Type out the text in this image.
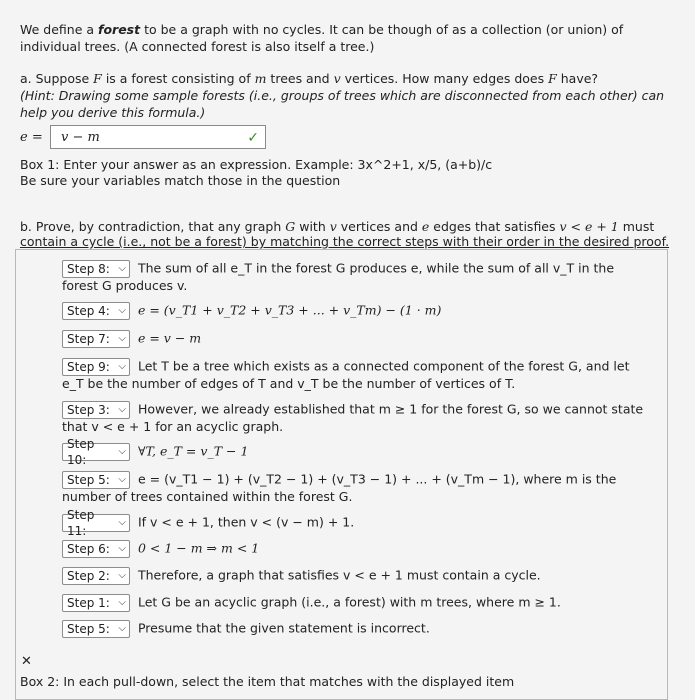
We define a forest to be a graph with no cycles. It can be though of as a collection (or union) of individual trees. (A connected forest is also itself a tree.)
a. Suppose F is a forest consisting of m trees and v vertices. How many edges does F have?
(Hint: Drawing some sample forests (i.e., groups of trees which are disconnected from each other) can help you derive this formula.)
e =	v − m	✓
Box 1: Enter your answer as an expression. Example: 3x^2+1, x/5, (a+b)/c
Be sure your variables match those in the question
b. Prove, by contradiction, that any graph G with v vertices and e edges that satisfies v < e + 1 must
contain a cycle (i.e., not be a forest) by matching the correct steps with their order in the desired proof.
Step 8: ⌵ The sum of all e_T in the forest G produces e, while the sum of all v_T in the forest G produces v.
Step 4: ⌵ e = (v_T1 + v_T2 + v_T3 + ... + v_Tm) − (1 · m)
Step 7: ⌵ e = v − m
Step 9: ⌵ Let T be a tree which exists as a connected component of the forest G, and let e_T be the number of edges of T and v_T be the number of vertices of T.
Step 3: ⌵ However, we already established that m ≥ 1 for the forest G, so we cannot state that v < e + 1 for an acyclic graph.
Step 10:
⌵ ∀T, e_T = v_T − 1
Step 5: ⌵ e = (v_T1 − 1) + (v_T2 − 1) + (v_T3 − 1) + ... + (v_Tm − 1), where m is the number of trees contained within the forest G.
Step 11:
⌵ If v < e + 1, then v < (v − m) + 1.
Step 6: ⌵ 0 < 1 − m ⇒ m < 1
Step 2: ⌵ Therefore, a graph that satisfies v < e + 1 must contain a cycle.
Step 1: ⌵ Let G be an acyclic graph (i.e., a forest) with m trees, where m ≥ 1.
Step 5: ⌵ Presume that the given statement is incorrect.
✕
Box 2: In each pull-down, select the item that matches with the displayed item
